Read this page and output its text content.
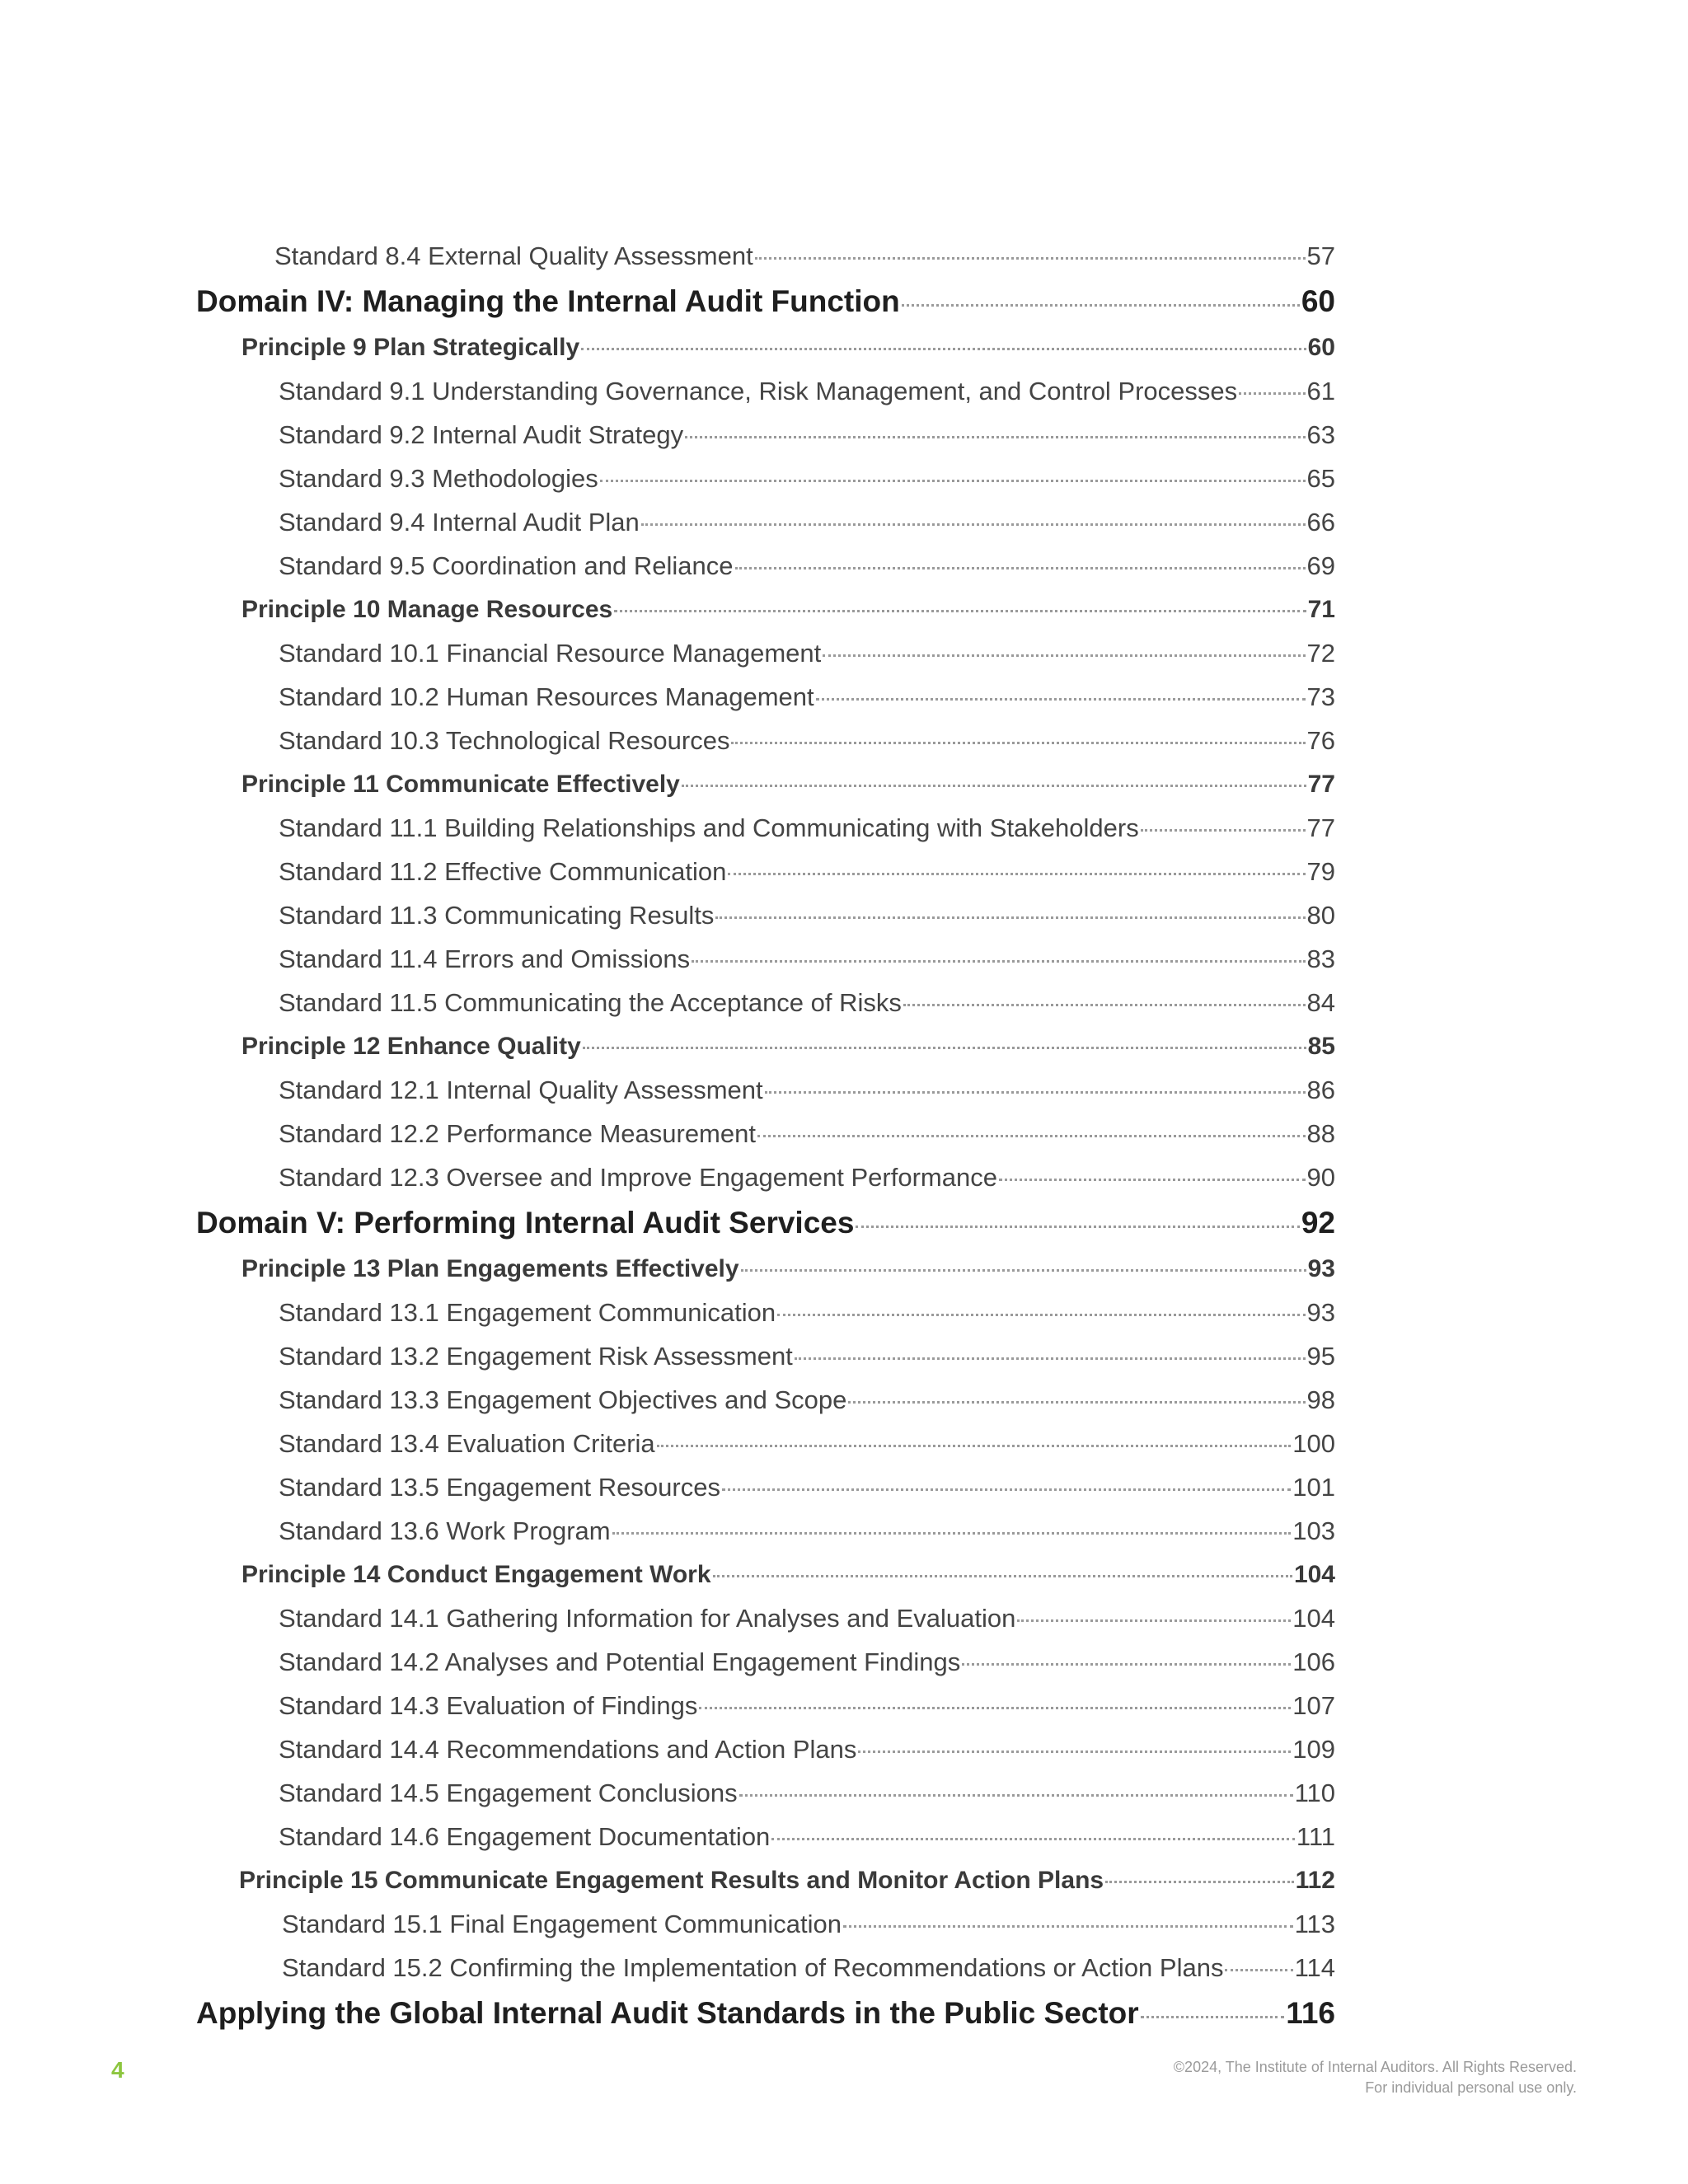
Standard 8.4 External Quality Assessment	57
Domain IV: Managing the Internal Audit Function	60
Principle 9 Plan Strategically	60
Standard 9.1 Understanding Governance, Risk Management, and Control Processes	61
Standard 9.2 Internal Audit Strategy	63
Standard 9.3 Methodologies	65
Standard 9.4 Internal Audit Plan	66
Standard 9.5 Coordination and Reliance	69
Principle 10 Manage Resources	71
Standard 10.1 Financial Resource Management	72
Standard 10.2 Human Resources Management	73
Standard 10.3 Technological Resources	76
Principle 11 Communicate Effectively	77
Standard 11.1 Building Relationships and Communicating with Stakeholders	77
Standard 11.2 Effective Communication	79
Standard 11.3 Communicating Results	80
Standard 11.4 Errors and Omissions	83
Standard 11.5 Communicating the Acceptance of Risks	84
Principle 12 Enhance Quality	85
Standard 12.1 Internal Quality Assessment	86
Standard 12.2 Performance Measurement	88
Standard 12.3 Oversee and Improve Engagement Performance	90
Domain V: Performing Internal Audit Services	92
Principle 13 Plan Engagements Effectively	93
Standard 13.1 Engagement Communication	93
Standard 13.2 Engagement Risk Assessment	95
Standard 13.3 Engagement Objectives and Scope	98
Standard 13.4 Evaluation Criteria	100
Standard 13.5 Engagement Resources	101
Standard 13.6 Work Program	103
Principle 14 Conduct Engagement Work	104
Standard 14.1 Gathering Information for Analyses and Evaluation	104
Standard 14.2 Analyses and Potential Engagement Findings	106
Standard 14.3 Evaluation of Findings	107
Standard 14.4 Recommendations and Action Plans	109
Standard 14.5 Engagement Conclusions	110
Standard 14.6 Engagement Documentation	111
Principle 15 Communicate Engagement Results and Monitor Action Plans	112
Standard 15.1 Final Engagement Communication	113
Standard 15.2 Confirming the Implementation of Recommendations or Action Plans	114
Applying the Global Internal Audit Standards in the Public Sector	116
4	©2024, The Institute of Internal Auditors. All Rights Reserved.
For individual personal use only.
